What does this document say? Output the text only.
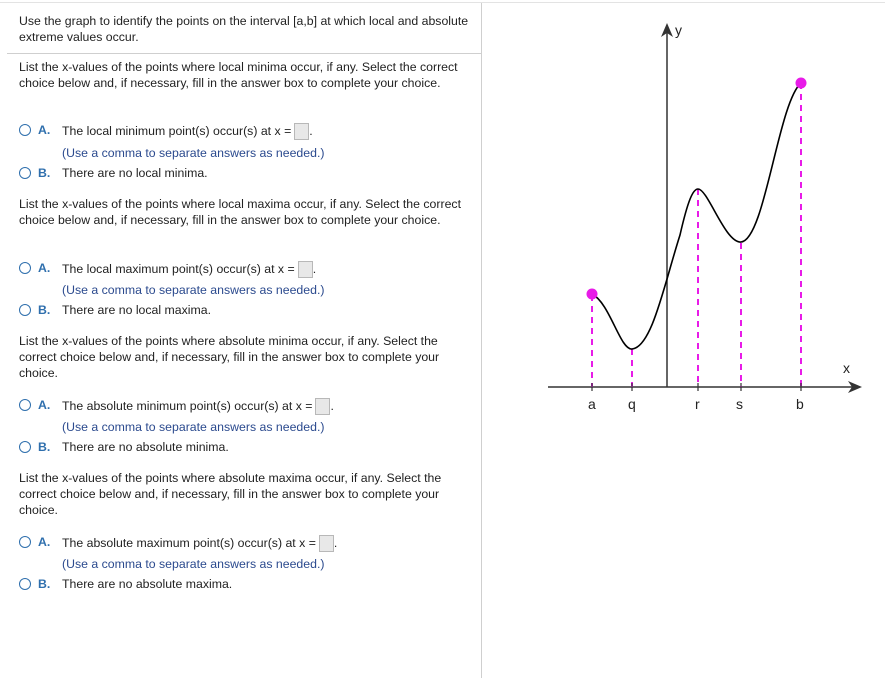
Use the graph to identify the points on the interval [a,b] at which local and absolute extreme values occur.
List the x-values of the points where local minima occur, if any. Select the correct choice below and, if necessary, fill in the answer box to complete your choice.
A. The local minimum point(s) occur(s) at x = .
(Use a comma to separate answers as needed.)
B. There are no local minima.
List the x-values of the points where local maxima occur, if any. Select the correct choice below and, if necessary, fill in the answer box to complete your choice.
A. The local maximum point(s) occur(s) at x = .
(Use a comma to separate answers as needed.)
B. There are no local maxima.
List the x-values of the points where absolute minima occur, if any. Select the correct choice below and, if necessary, fill in the answer box to complete your choice.
A. The absolute minimum point(s) occur(s) at x = .
(Use a comma to separate answers as needed.)
B. There are no absolute minima.
List the x-values of the points where absolute maxima occur, if any. Select the correct choice below and, if necessary, fill in the answer box to complete your choice.
A. The absolute maximum point(s) occur(s) at x = .
(Use a comma to separate answers as needed.)
B. There are no absolute maxima.
x
y
a q	r	s	b
